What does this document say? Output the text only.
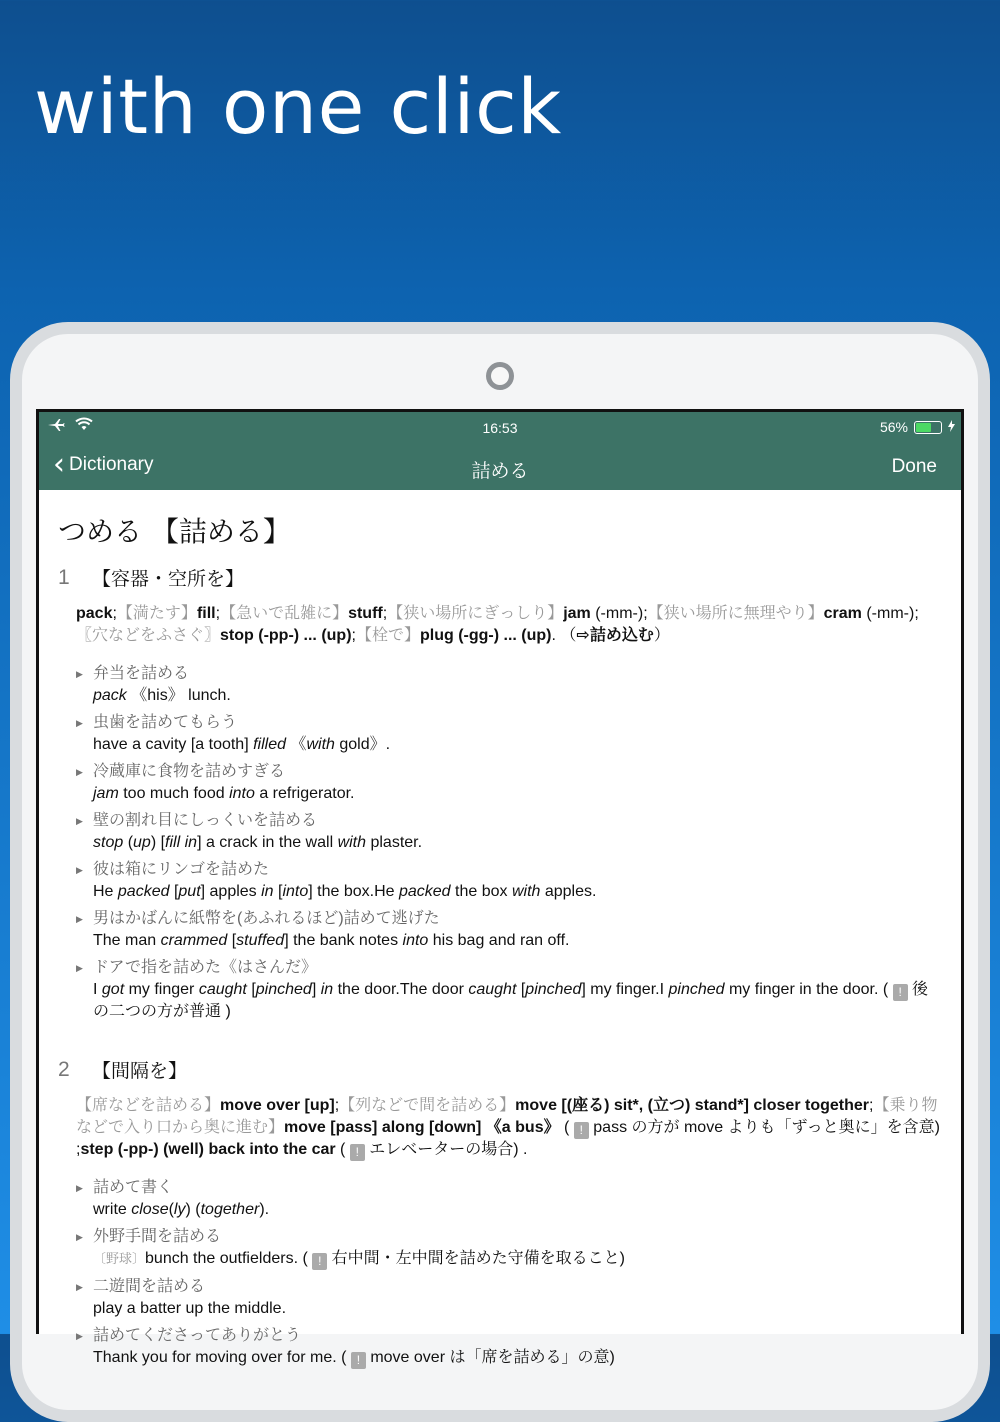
with one click
16:53	56%
‹ Dictionary	詰める	Done
つめる 【詰める】
1	【容器・空所を】
pack;【満たす】fill;【急いで乱雑に】stuff;【狭い場所にぎっしり】jam (-mm-);【狭い場所に無理やり】cram (-mm-);〖穴などをふさぐ〗stop (-pp-) ... (up);【栓で】plug (-gg-) ... (up). （⇨詰め込む）
▶ 弁当を詰める
pack 《his》 lunch.
▶ 虫歯を詰めてもらう
have a cavity [a tooth] filled 《with gold》.
▶ 冷蔵庫に食物を詰めすぎる
jam too much food into a refrigerator.
▶ 壁の割れ目にしっくいを詰める
stop (up) [fill in] a crack in the wall with plaster.
▶ 彼は箱にリンゴを詰めた
He packed [put] apples in [into] the box.He packed the box with apples.
▶ 男はかばんに紙幣を(あふれるほど)詰めて逃げた
The man crammed [stuffed] the bank notes into his bag and ran off.
▶ ドアで指を詰めた《はさんだ》
I got my finger caught [pinched] in the door.The door caught [pinched] my finger.I pinched my finger in the door. ( ! 後の二つの方が普通 )
2	【間隔を】
【席などを詰める】move over [up];【列などで間を詰める】move [(座る) sit*, (立つ) stand*] closer together;【乗り物などで入り口から奥に進む】move [pass] along [down] 《a bus》 ( ! pass の方が move よりも「ずっと奥に」を含意) ;step (-pp-) (well) back into the car ( ! エレベーターの場合) .
▶ 詰めて書く
write close(ly) (together).
▶ 外野手間を詰める
〔野球〕bunch the outfielders. ( ! 右中間・左中間を詰めた守備を取ること)
▶ 二遊間を詰める
play a batter up the middle.
▶ 詰めてくださってありがとう
Thank you for moving over for me. ( ! move over は「席を詰める」の意)
